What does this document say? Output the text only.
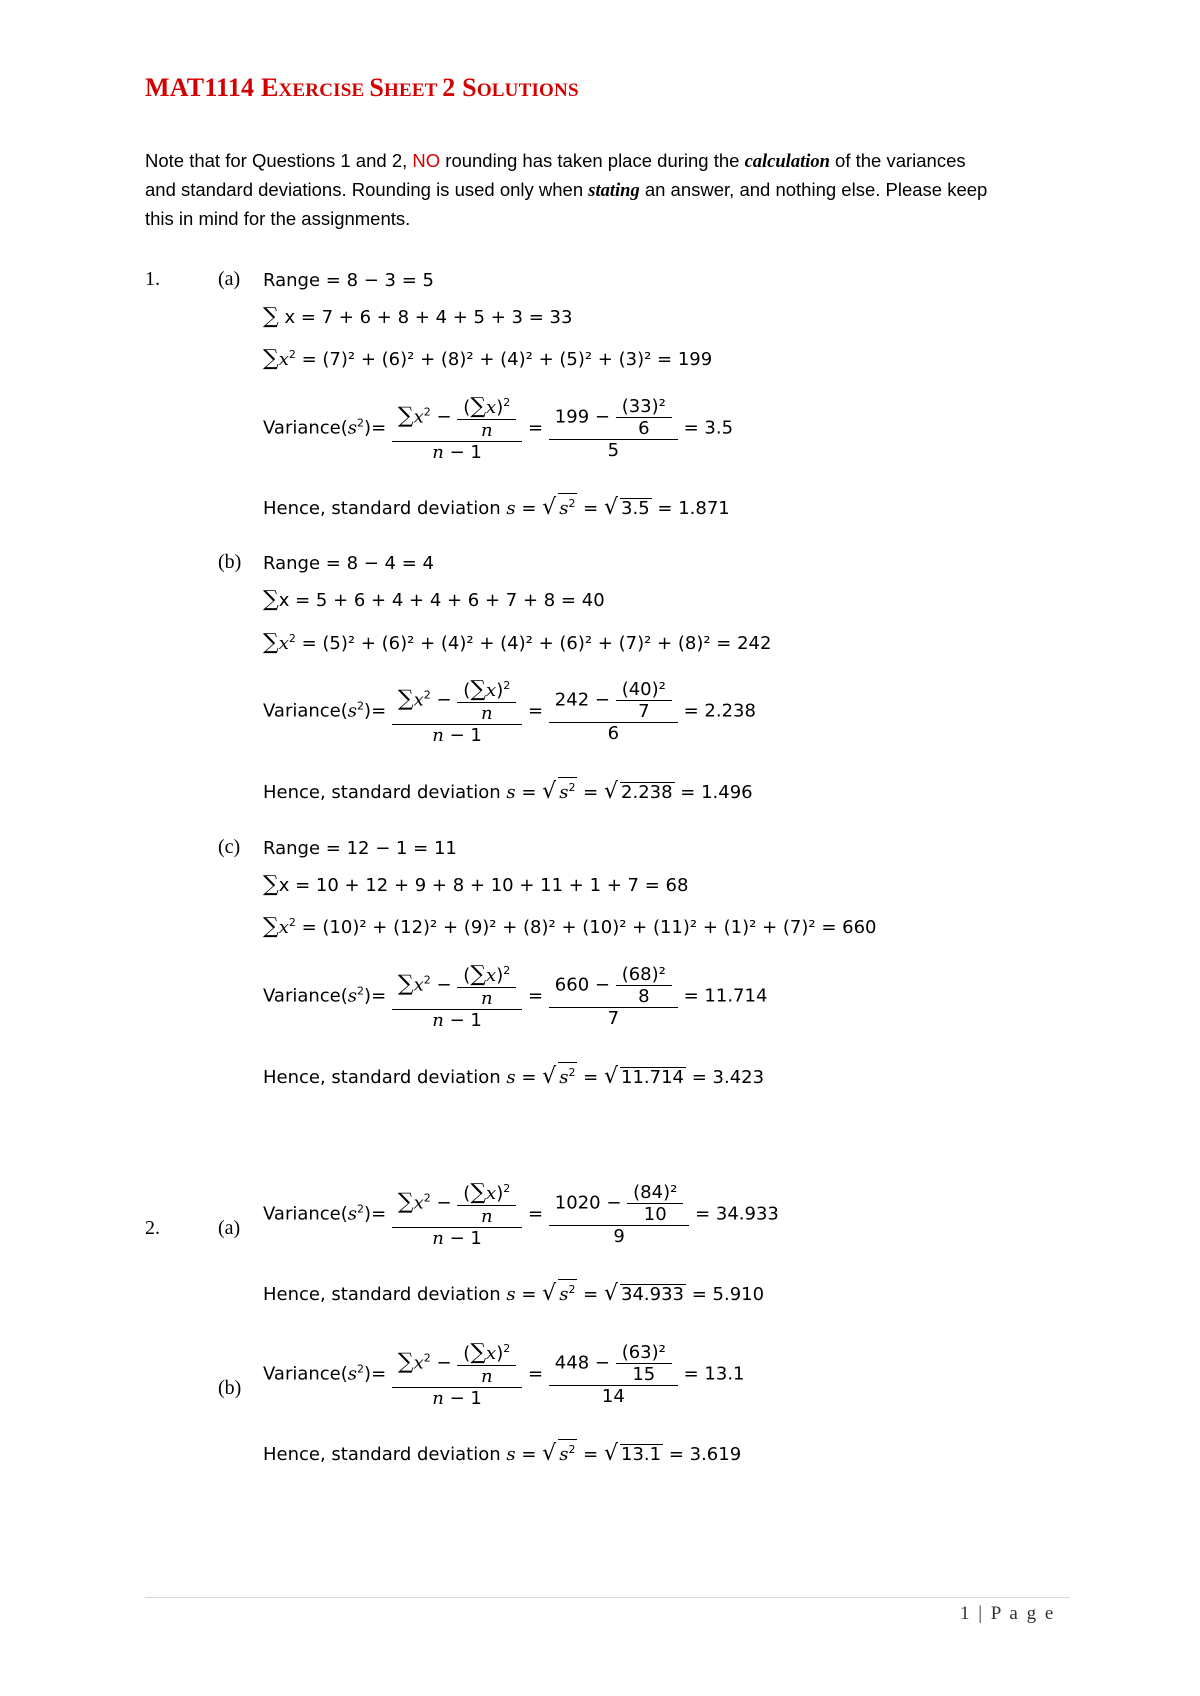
MAT1114 EXERCISE SHEET 2 SOLUTIONS
Note that for Questions 1 and 2, NO rounding has taken place during the calculation of the variances
and standard deviations. Rounding is used only when stating an answer, and nothing else. Please keep
this in mind for the assignments.
1.	(a) Range = 8 − 3 = 5
∑ x = 7 + 6 + 8 + 4 + 5 + 3 = 33
$\sum x^2 = (7)^2 + (6)^2 + (8)^2 + (4)^2 + (5)^2 + (3)^2 = 199$
$Variance(s^2)= \frac{\sum x^2 - \frac{(\sum x)^2}{n}}{n - 1} = \frac{199 - \frac{\text{(33)²}}{6}}{5} = 3.5$
Hence, standard deviation s = √ $s^2$ = √ 3.5 = 1.871
(b) Range = 8 − 4 = 4
∑x = 5 + 6 + 4 + 4 + 6 + 7 + 8 = 40
$\sum x^2 = (5)^2 + (6)^2 + (4)^2 + (4)^2 + (6)^2 + (7)^2 + (8)^2 = 242$
$Variance(s^2)= \frac{\sum x^2 - \frac{(\sum x)^2}{n}}{n - 1} = \frac{242 - \frac{\text{(40)²}}{7}}{6} = 2.238$
Hence, standard deviation s = √ $s^2$ = √ 2.238 = 1.496
(c) Range = 12 − 1 = 11
∑x = 10 + 12 + 9 + 8 + 10 + 11 + 1 + 7 = 68
$\sum x^2 = (10)^2 + (12)^2 + (9)^2 + (8)^2 + (10)^2 + (11)^2 + (1)^2 + (7)^2 = 660$
$Variance(s^2)= \frac{\sum x^2 - \frac{(\sum x)^2}{n}}{n - 1} = \frac{660 - \frac{\text{(68)²}}{8}}{7} = 11.714$
Hence, standard deviation s = √ $s^2$ = √ 11.714 = 3.423
2.	(a)
$Variance(s^2)= \frac{\sum x^2 - \frac{(\sum x)^2}{n}}{n - 1} = \frac{1020 - \frac{\text{(84)²}}{10}}{9} = 34.933$
Hence, standard deviation s = √ $s^2$ = √ 34.933 = 5.910
(b)
$Variance(s^2)= \frac{\sum x^2 - \frac{(\sum x)^2}{n}}{n - 1} = \frac{448 - \frac{\text{(63)²}}{15}}{14} = 13.1$
Hence, standard deviation s = √ $s^2$ = √ 13.1 = 3.619
1 | P a g e
